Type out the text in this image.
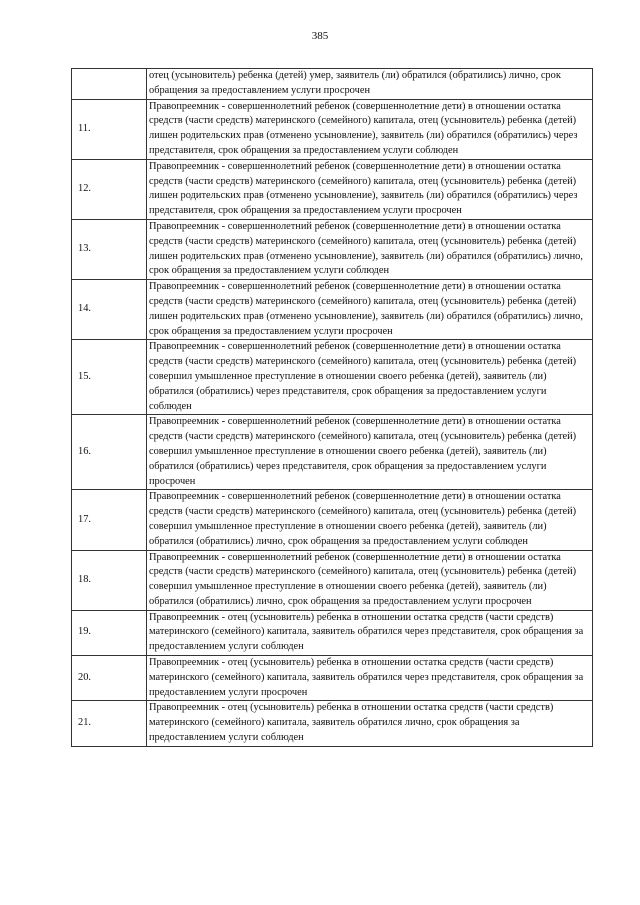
385
	отец (усыновитель) ребенка (детей) умер, заявитель (ли) обратился (обратились) лично, срок обращения за предоставлением услуги просрочен
11.	Правопреемник - совершеннолетний ребенок (совершеннолетние дети) в отношении остатка средств (части средств) материнского (семейного) капитала, отец (усыновитель) ребенка (детей) лишен родительских прав (отменено усыновление), заявитель (ли) обратился (обратились) через представителя, срок обращения за предоставлением услуги соблюден
12.	Правопреемник - совершеннолетний ребенок (совершеннолетние дети) в отношении остатка средств (части средств) материнского (семейного) капитала, отец (усыновитель) ребенка (детей) лишен родительских прав (отменено усыновление), заявитель (ли) обратился (обратились) через представителя, срок обращения за предоставлением услуги просрочен
13.	Правопреемник - совершеннолетний ребенок (совершеннолетние дети) в отношении остатка средств (части средств) материнского (семейного) капитала, отец (усыновитель) ребенка (детей) лишен родительских прав (отменено усыновление), заявитель (ли) обратился (обратились) лично, срок обращения за предоставлением услуги соблюден
14.	Правопреемник - совершеннолетний ребенок (совершеннолетние дети) в отношении остатка средств (части средств) материнского (семейного) капитала, отец (усыновитель) ребенка (детей) лишен родительских прав (отменено усыновление), заявитель (ли) обратился (обратились) лично, срок обращения за предоставлением услуги просрочен
15.	Правопреемник - совершеннолетний ребенок (совершеннолетние дети) в отношении остатка средств (части средств) материнского (семейного) капитала, отец (усыновитель) ребенка (детей) совершил умышленное преступление в отношении своего ребенка (детей), заявитель (ли) обратился (обратились) через представителя, срок обращения за предоставлением услуги соблюден
16.	Правопреемник - совершеннолетний ребенок (совершеннолетние дети) в отношении остатка средств (части средств) материнского (семейного) капитала, отец (усыновитель) ребенка (детей) совершил умышленное преступление в отношении своего ребенка (детей), заявитель (ли) обратился (обратились) через представителя, срок обращения за предоставлением услуги просрочен
17.	Правопреемник - совершеннолетний ребенок (совершеннолетние дети) в отношении остатка средств (части средств) материнского (семейного) капитала, отец (усыновитель) ребенка (детей) совершил умышленное преступление в отношении своего ребенка (детей), заявитель (ли) обратился (обратились) лично, срок обращения за предоставлением услуги соблюден
18.	Правопреемник - совершеннолетний ребенок (совершеннолетние дети) в отношении остатка средств (части средств) материнского (семейного) капитала, отец (усыновитель) ребенка (детей) совершил умышленное преступление в отношении своего ребенка (детей), заявитель (ли) обратился (обратились) лично, срок обращения за предоставлением услуги просрочен
19.	Правопреемник - отец (усыновитель) ребенка в отношении остатка средств (части средств) материнского (семейного) капитала, заявитель обратился через представителя, срок обращения за предоставлением услуги соблюден
20.	Правопреемник - отец (усыновитель) ребенка в отношении остатка средств (части средств) материнского (семейного) капитала, заявитель обратился через представителя, срок обращения за предоставлением услуги просрочен
21.	Правопреемник - отец (усыновитель) ребенка в отношении остатка средств (части средств) материнского (семейного) капитала, заявитель обратился лично, срок обращения за предоставлением услуги соблюден
